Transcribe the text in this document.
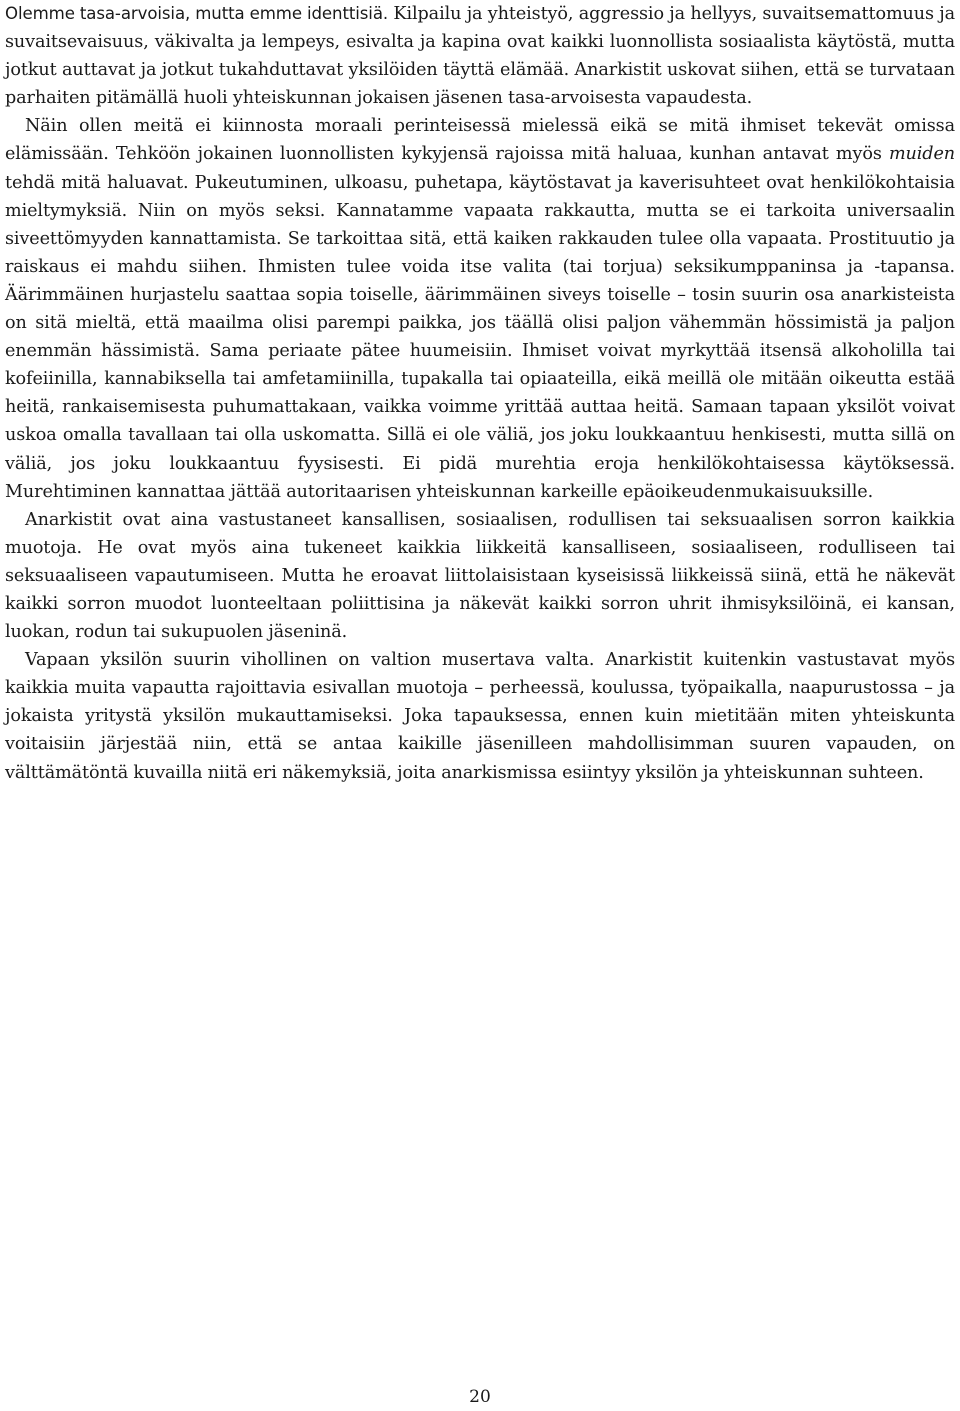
Olemme tasa-arvoisia, mutta emme identtisiä. Kilpailu ja yhteistyö, aggressio ja hellyys, suvaitsemattomuus ja suvaitsevaisuus, väkivalta ja lempeys, esivalta ja kapina ovat kaikki luonnollista sosiaalista käytöstä, mutta jotkut auttavat ja jotkut tukahduttavat yksilöiden täyttä elämää. Anarkistit uskovat siihen, että se turvataan parhaiten pitämällä huoli yhteiskunnan jokaisen jäsenen tasa-arvoisesta vapaudesta.

Näin ollen meitä ei kiinnosta moraali perinteisessä mielessä eikä se mitä ihmiset tekevät omissa elämissään. Tehköön jokainen luonnollisten kykyjensä rajoissa mitä haluaa, kunhan antavat myös muiden tehdä mitä haluavat. Pukeutuminen, ulkoasu, puhetapa, käytöstavat ja kaverisuhteet ovat henkilökohtaisia mieltymyksiä. Niin on myös seksi. Kannatamme vapaata rakkautta, mutta se ei tarkoita universaalin siveettömyyden kannattamista. Se tarkoittaa sitä, että kaiken rakkauden tulee olla vapaata. Prostituutio ja raiskaus ei mahdu siihen. Ihmisten tulee voida itse valita (tai torjua) seksikumppaninsa ja -tapansa. Äärimmäinen hurjastelu saattaa sopia toiselle, äärimmäinen siveys toiselle – tosin suurin osa anarkisteista on sitä mieltä, että maailma olisi parempi paikka, jos täällä olisi paljon vähemmän hössimistä ja paljon enemmän hässimistä. Sama periaate pätee huumeisiin. Ihmiset voivat myrkyttää itsensä alkoholilla tai kofeiinilla, kannabiksella tai amfetamiinilla, tupakalla tai opiaateilla, eikä meillä ole mitään oikeutta estää heitä, rankaisemisesta puhumattakaan, vaikka voimme yrittää auttaa heitä. Samaan tapaan yksilöt voivat uskoa omalla tavallaan tai olla uskomatta. Sillä ei ole väliä, jos joku loukkaantuu henkisesti, mutta sillä on väliä, jos joku loukkaantuu fyysisesti. Ei pidä murehtia eroja henkilökohtaisessa käytöksessä. Murehtiminen kannattaa jättää autoritaarisen yhteiskunnan karkeille epäoikeudenmukaisuuksille.

Anarkistit ovat aina vastustaneet kansallisen, sosiaalisen, rodullisen tai seksuaalisen sorron kaikkia muotoja. He ovat myös aina tukeneet kaikkia liikkeitä kansalliseen, sosiaaliseen, rodulliseen tai seksuaaliseen vapautumiseen. Mutta he eroavat liittolaisistaan kyseisissä liikkeissä siinä, että he näkevät kaikki sorron muodot luonteeltaan poliittisina ja näkevät kaikki sorron uhrit ihmisyksilöinä, ei kansan, luokan, rodun tai sukupuolen jäseninä.

Vapaan yksilön suurin vihollinen on valtion musertava valta. Anarkistit kuitenkin vastustavat myös kaikkia muita vapautta rajoittavia esivallan muotoja – perheessä, koulussa, työpaikalla, naapurustossa – ja jokaista yritystä yksilön mukauttamiseksi. Joka tapauksessa, ennen kuin mietitään miten yhteiskunta voitaisiin järjestää niin, että se antaa kaikille jäsenilleen mahdollisimman suuren vapauden, on välttämätöntä kuvailla niitä eri näkemyksiä, joita anarkismissa esiintyy yksilön ja yhteiskunnan suhteen.

20
